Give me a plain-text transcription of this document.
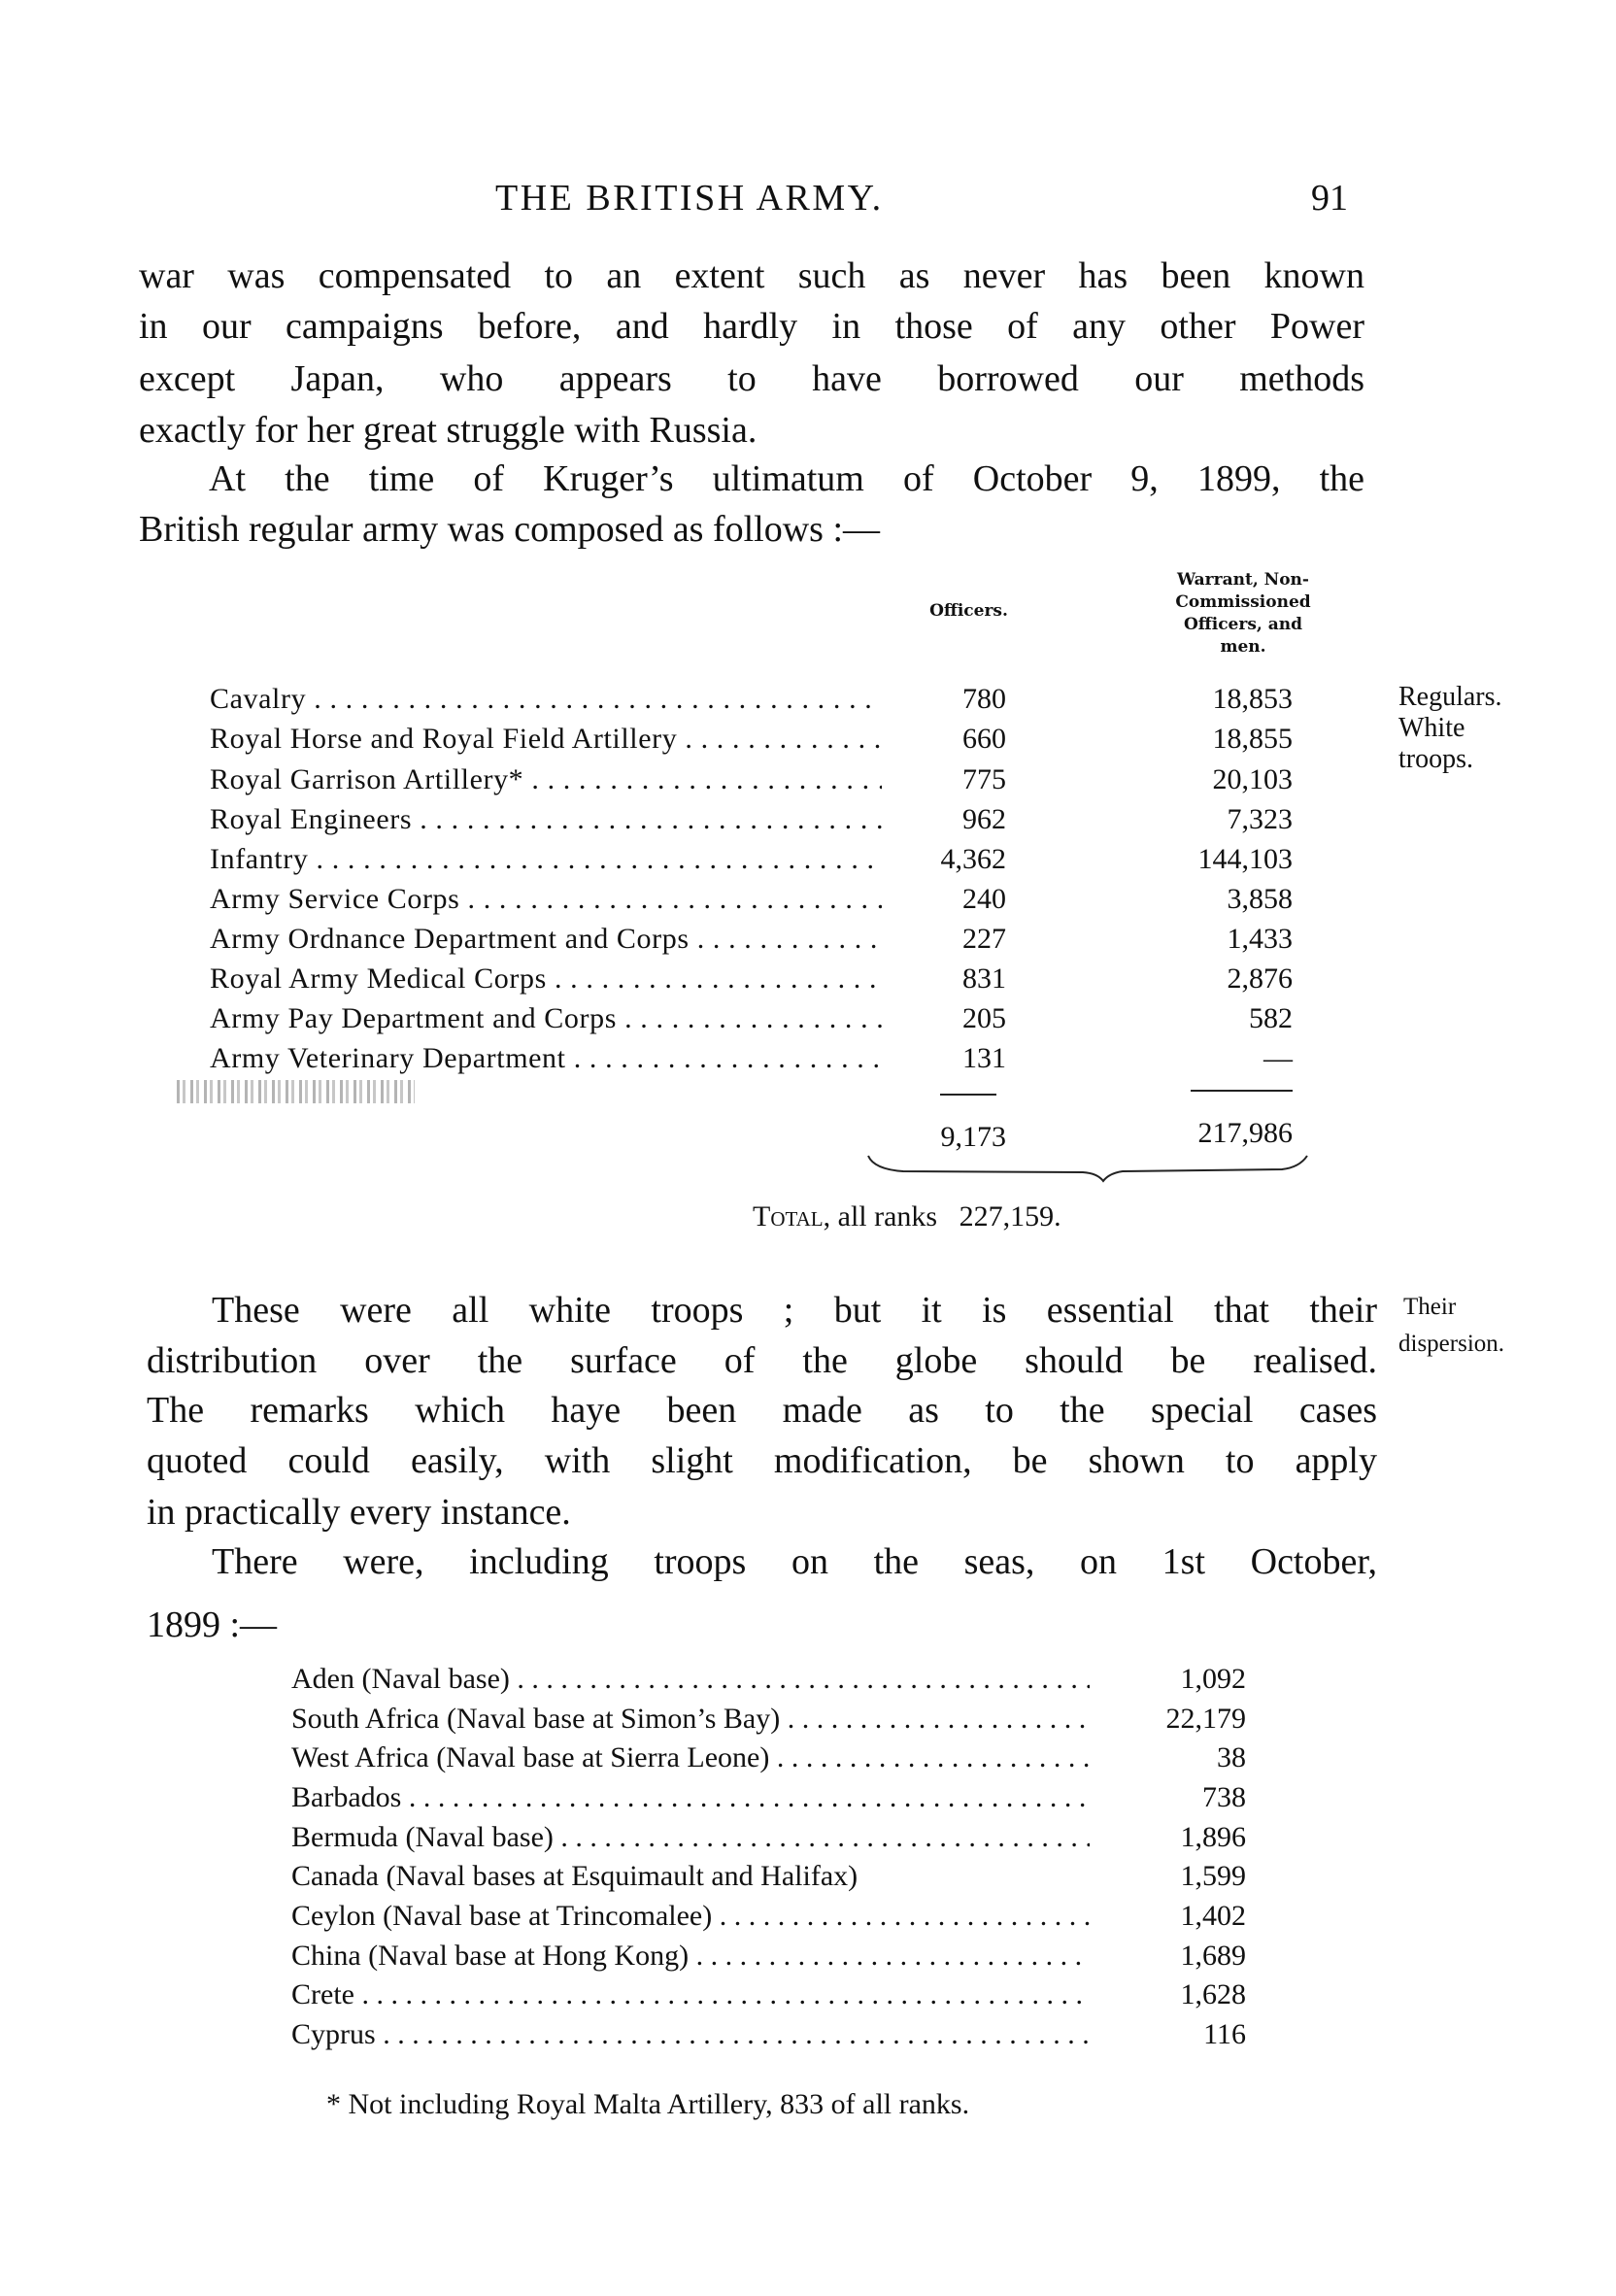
THE BRITISH ARMY.	91
war was compensated to an extent such as never has been known
in our campaigns before, and hardly in those of any other Power
except Japan, who appears to have borrowed our methods
exactly for her great struggle with Russia.
At the time of Kruger’s ultimatum of October 9, 1899, the
British regular army was composed as follows :—
Officers.
Warrant, Non-
Commissioned
Officers, and
men.
Cavalry . . .	780	18,853
Royal Horse and Royal Field Artillery . . .	660	18,855
Royal Garrison Artillery* . . .	775	20,103
Royal Engineers . . .	962	7,323
Infantry . . .	4,362	144,103
Army Service Corps . . .	240	3,858
Army Ordnance Department and Corps . . .	227	1,433
Royal Army Medical Corps . . .	831	2,876
Army Pay Department and Corps . . .	205	582
Army Veterinary Department . . .	131	—
9,173	217,986
Total, all ranks 227,159.
Regulars.
White
troops.
These were all white troops ; but it is essential that their
distribution over the surface of the globe should be realised.
The remarks which haye been made as to the special cases
quoted could easily, with slight modification, be shown to apply
in practically every instance.
Their
dispersion.
There were, including troops on the seas, on 1st October,
1899 :—
Aden (Naval base) . . .	1,092
South Africa (Naval base at Simon’s Bay) . . .	22,179
West Africa (Naval base at Sierra Leone) . . .	38
Barbados . . .	738
Bermuda (Naval base) . . .	1,896
Canada (Naval bases at Esquimault and Halifax)	1,599
Ceylon (Naval base at Trincomalee) . . .	1,402
China (Naval base at Hong Kong) . . .	1,689
Crete . . .	1,628
Cyprus . . .	116
* Not including Royal Malta Artillery, 833 of all ranks.
